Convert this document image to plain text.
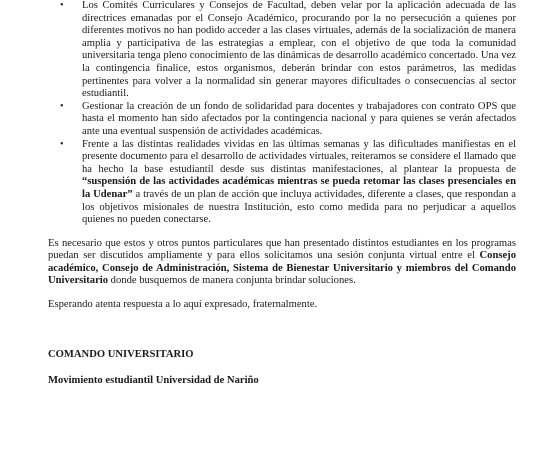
• Los Comités Curriculares y Consejos de Facultad, deben velar por la aplicación adecuada de las directrices emanadas por el Consejo Académico, procurando por la no persecución a quienes por diferentes motivos no han podido acceder a las clases virtuales, además de la socialización de manera amplia y participativa de las estrategias a emplear, con el objetivo de que toda la comunidad universitaria tenga pleno conocimiento de las dinámicas de desarrollo académico concertado. Una vez la contingencia finalice, estos organismos, deberán brindar con estos parámetros, las medidas pertinentes para volver a la normalidad sin generar mayores dificultades o consecuencias al sector estudiantil.
• Gestionar la creación de un fondo de solidaridad para docentes y trabajadores con contrato OPS que hasta el momento han sido afectados por la contingencia nacional y para quienes se verán afectados ante una eventual suspensión de actividades académicas.
• Frente a las distintas realidades vividas en las últimas semanas y las dificultades manifiestas en el presente documento para el desarrollo de actividades virtuales, reiteramos se considere el llamado que ha hecho la base estudiantil desde sus distintas manifestaciones, al plantear la propuesta de “suspensión de las actividades académicas mientras se pueda retomar las clases presenciales en la Udenar” a través de un plan de acción que incluya actividades, diferente a clases, que respondan a los objetivos misionales de nuestra Institución, esto como medida para no perjudicar a aquellos quienes no pueden conectarse.

Es necesario que estos y otros puntos particulares que han presentado distintos estudiantes en los programas puedan ser discutidos ampliamente y para ellos solicitamos una sesión conjunta virtual entre el Consejo académico, Consejo de Administración, Sistema de Bienestar Universitario y miembros del Comando Universitario donde busquemos de manera conjunta brindar soluciones.

Esperando atenta respuesta a lo aquí expresado, fraternalmente.

COMANDO UNIVERSITARIO
Movimiento estudiantil Universidad de Nariño
